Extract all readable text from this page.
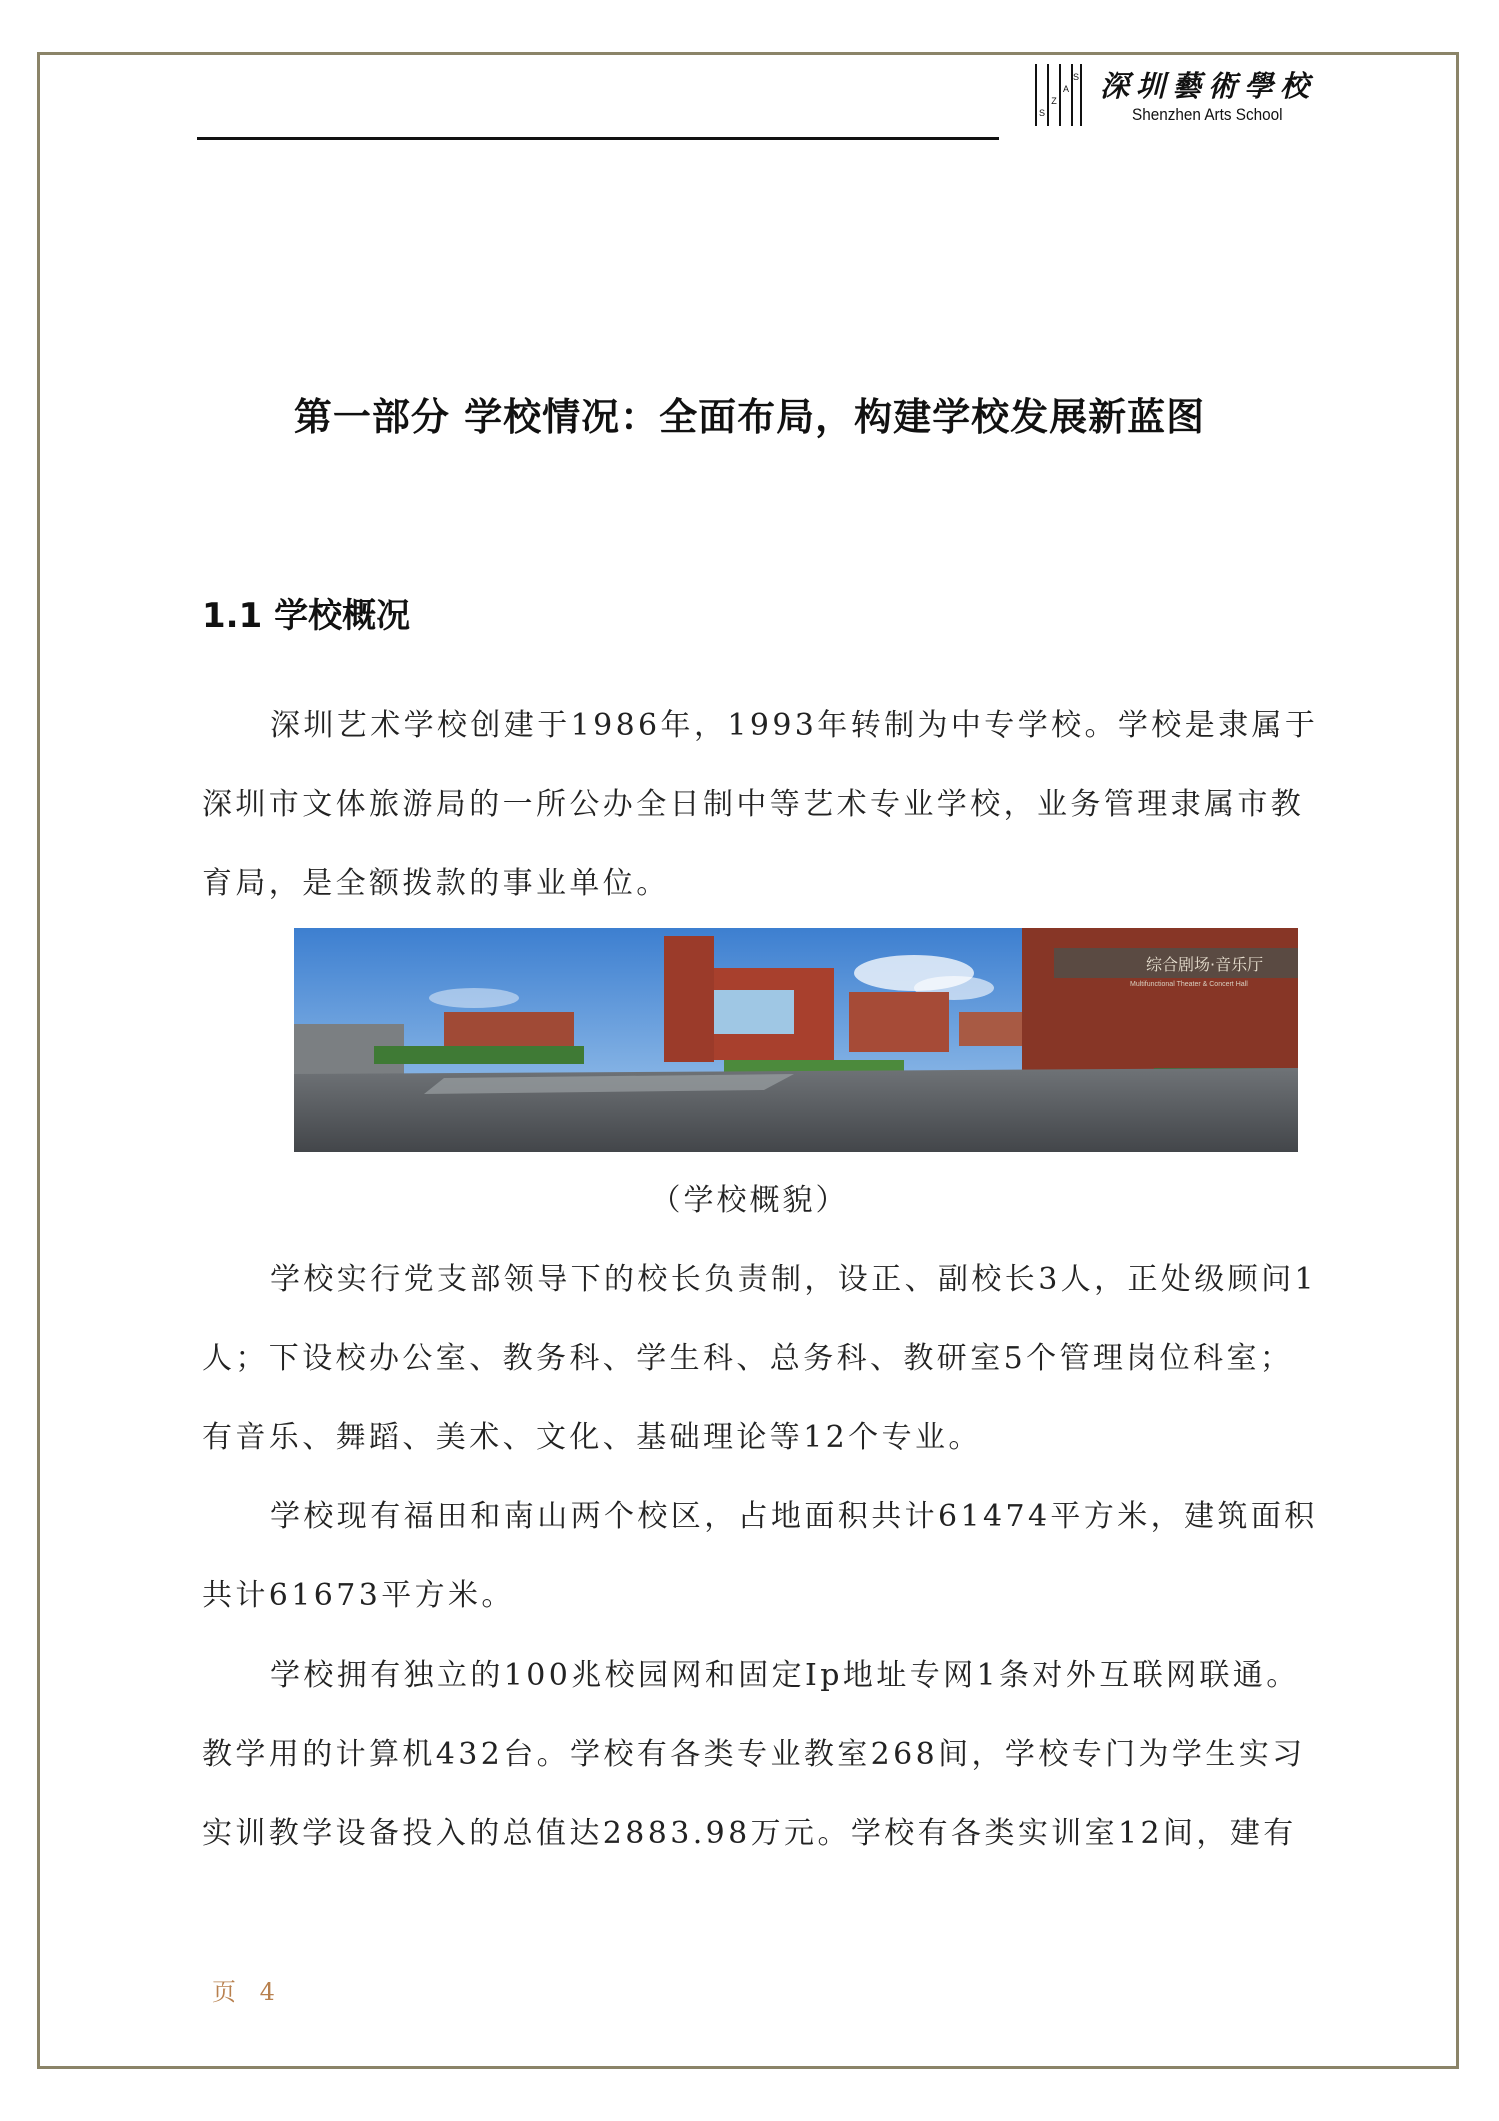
S
Z
A
S 深圳藝術學校
Shenzhen Arts School
第一部分 学校情况：全面布局，构建学校发展新蓝图
1.1 学校概况

深圳艺术学校创建于1986年，1993年转制为中专学校。学校是隶属于深圳市文体旅游局的一所公办全日制中等艺术专业学校，业务管理隶属市教育局，是全额拨款的事业单位。

综合剧场·音乐厅
Multifunctional Theater & Concert Hall
（学校概貌）

学校实行党支部领导下的校长负责制，设正、副校长3人，正处级顾问1人；下设校办公室、教务科、学生科、总务科、教研室5个管理岗位科室；有音乐、舞蹈、美术、文化、基础理论等12个专业。

学校现有福田和南山两个校区，占地面积共计61474平方米，建筑面积共计61673平方米。

学校拥有独立的100兆校园网和固定Ip地址专网1条对外互联网联通。教学用的计算机432台。学校有各类专业教室268间，学校专门为学生实习实训教学设备投入的总值达2883.98万元。学校有各类实训室12间，建有

页 4
